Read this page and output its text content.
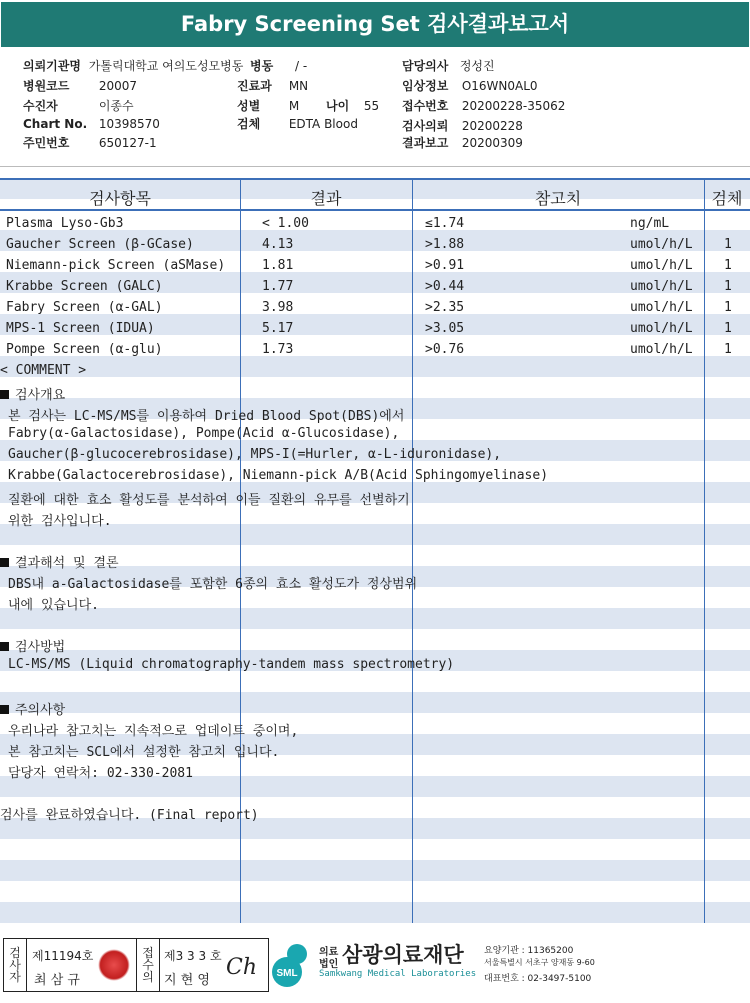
Fabry Screening Set 검사결과보고서
의뢰기관명 가톨릭대학교 여의도성모병동 병동 / -	담당의사 정성진
병원코드 20007	진료과 MN	임상정보 O16WN0AL0
수진자	이종수	성별 M 나이 55 접수번호 20200228-35062
Chart No. 10398570	검체 EDTA Blood	검사의뢰 20200228
주민번호 650127-1	결과보고 20200309
검사항목	결과	참고치	검체
Plasma Lyso-Gb3	< 1.00	≤1.74	ng/mL
Gaucher Screen (β-GCase)	4.13	>1.88	umol/h/L 1
Niemann-pick Screen (aSMase)	1.81	>0.91	umol/h/L 1
Krabbe Screen (GALC)	1.77	>0.44	umol/h/L 1
Fabry Screen (α-GAL)	3.98	>2.35	umol/h/L 1
MPS-1 Screen (IDUA)	5.17	>3.05	umol/h/L 1
Pompe Screen (α-glu)	1.73	>0.76	umol/h/L 1
< COMMENT >
검사개요
본 검사는 LC-MS/MS를 이용하여 Dried Blood Spot(DBS)에서
Fabry(α-Galactosidase), Pompe(Acid α-Glucosidase),
Gaucher(β-glucocerebrosidase), MPS-I(=Hurler, α-L-iduronidase),
Krabbe(Galactocerebrosidase), Niemann-pick A/B(Acid Sphingomyelinase)
질환에 대한 효소 활성도를 분석하여 이들 질환의 유무를 선별하기
위한 검사입니다.
결과해석 및 결론
DBS내 a-Galactosidase를 포함한 6종의 효소 활성도가 정상범위
내에 있습니다.
검사방법
LC-MS/MS (Liquid chromatography-tandem mass spectrometry)
주의사항
우리나라 참고치는 지속적으로 업데이트 중이며,
본 참고치는 SCL에서 설정한 참고치 입니다.
담당자 연락처: 02-330-2081
검사를 완료하였습니다. (Final report)
검사자
제11194호
최 삼 규
접수의
제3 3 3 호
지 현 영
Ch SML
의료
법인 삼광의료재단
Samkwang Medical Laboratories
요양기관 : 11365200
서울특별시 서초구 양재동 9-60
대표번호 : 02-3497-5100
